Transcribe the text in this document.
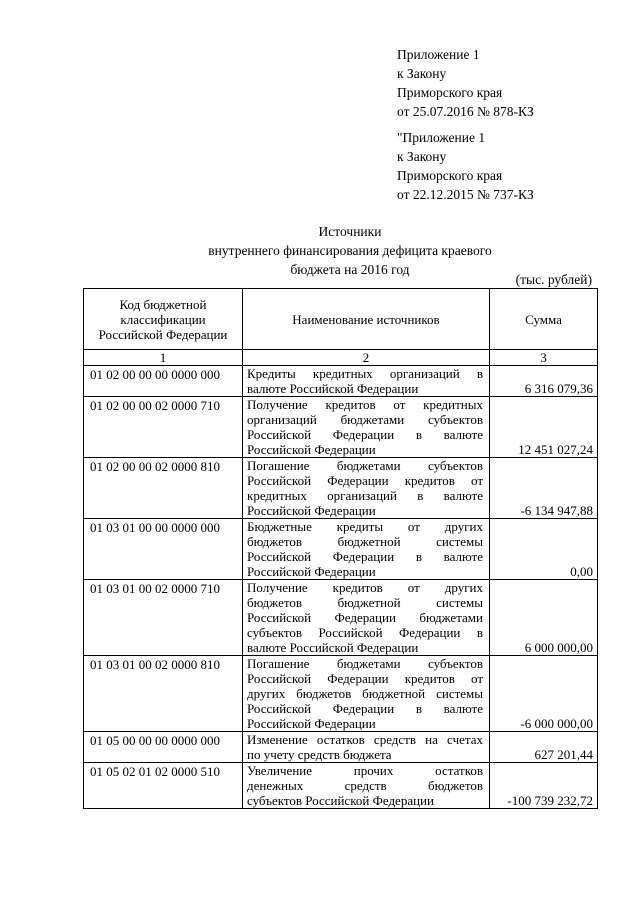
Приложение 1
к Закону
Приморского края
от 25.07.2016 № 878-КЗ
"Приложение 1
к Закону
Приморского края
от 22.12.2015 № 737-КЗ
Источники
внутреннего финансирования дефицита краевого
бюджета на 2016 год
(тыс. рублей)
Код бюджетной классификации Российской Федерации	Наименование источников	Сумма
1	2	3
01 02 00 00 00 0000 000	Кредиты кредитных организаций в
валюте Российской Федерации	6 316 079,36
01 02 00 00 02 0000 710	Получение кредитов от кредитных
организаций бюджетами субъектов
Российской Федерации в валюте
Российской Федерации	12 451 027,24
01 02 00 00 02 0000 810	Погашение бюджетами субъектов
Российской Федерации кредитов от
кредитных организаций в валюте
Российской Федерации	-6 134 947,88
01 03 01 00 00 0000 000	Бюджетные кредиты от других
бюджетов бюджетной системы
Российской Федерации в валюте
Российской Федерации	0,00
01 03 01 00 02 0000 710	Получение кредитов от других
бюджетов бюджетной системы
Российской Федерации бюджетами
субъектов Российской Федерации в
валюте Российской Федерации	6 000 000,00
01 03 01 00 02 0000 810	Погашение бюджетами субъектов
Российской Федерации кредитов от
других бюджетов бюджетной системы
Российской Федерации в валюте
Российской Федерации	-6 000 000,00
01 05 00 00 00 0000 000	Изменение остатков средств на счетах
по учету средств бюджета	627 201,44
01 05 02 01 02 0000 510	Увеличение прочих остатков
денежных средств бюджетов
субъектов Российской Федерации	-100 739 232,72
